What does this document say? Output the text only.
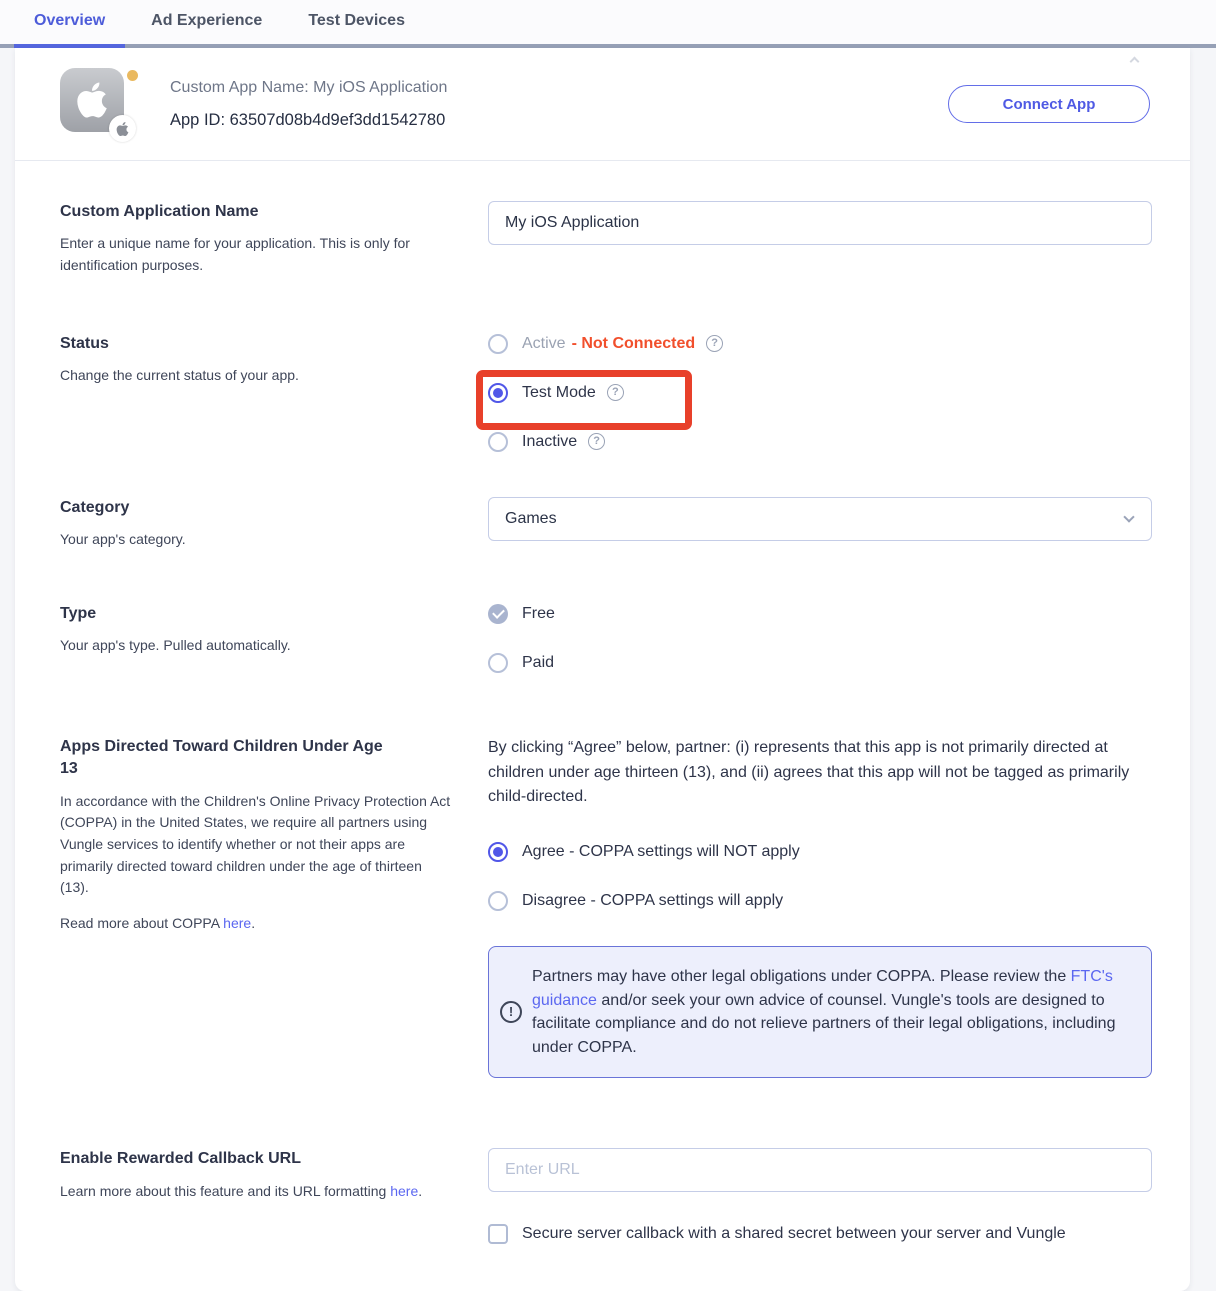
Overview	Ad Experience	Test Devices
Custom App Name: My iOS Application
App ID: 63507d08b4d9ef3dd1542780
Connect App
Custom Application Name

Enter a unique name for your application. This is only for identification purposes.

My iOS Application
Status

Change the current status of your app.

Active - Not Connected	?
Test Mode	?
Inactive	?
Category

Your app's category.

Games
Type

Your app's type. Pulled automatically.

Free
Paid
Apps Directed Toward Children Under Age 13

In accordance with the Children's Online Privacy Protection Act (COPPA) in the United States, we require all partners using Vungle services to identify whether or not their apps are primarily directed toward children under the age of thirteen (13).

Read more about COPPA here.

By clicking “Agree” below, partner: (i) represents that this app is not primarily directed at children under age thirteen (13), and (ii) agrees that this app will not be tagged as primarily child-directed.

Agree - COPPA settings will NOT apply
Disagree - COPPA settings will apply
!
Partners may have other legal obligations under COPPA. Please review the FTC's guidance and/or seek your own advice of counsel. Vungle's tools are designed to facilitate compliance and do not relieve partners of their legal obligations, including under COPPA.
Enable Rewarded Callback URL

Learn more about this feature and its URL formatting here.

Enter URL
Secure server callback with a shared secret between your server and Vungle
